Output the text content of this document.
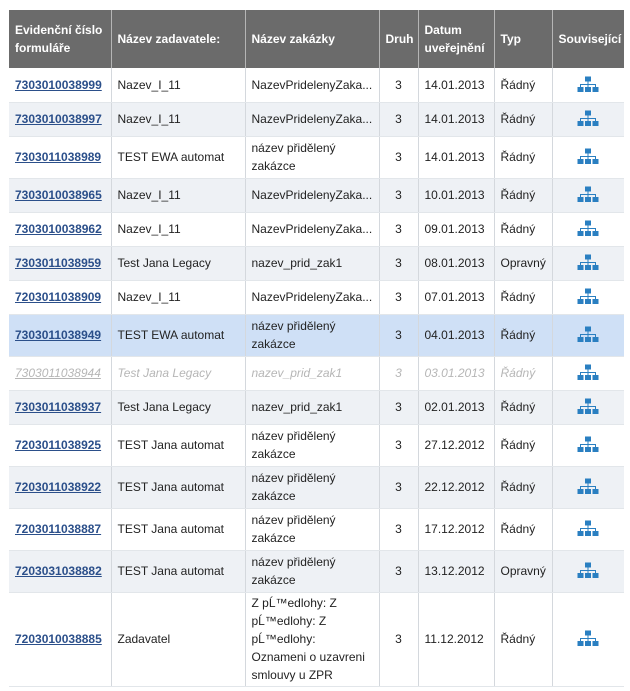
Evidenční číslo formuláře	Název zadavatele:	Název zakázky	Druh	Datum uveřejnění	Typ	Související
7303010038999	Nazev_I_11	NazevPridelenyZaka...	3	14.01.2013	Řádný	
7303010038997	Nazev_I_11	NazevPridelenyZaka...	3	14.01.2013	Řádný	
7303011038989	TEST EWA automat	název přidělený zakázce	3	14.01.2013	Řádný	
7303010038965	Nazev_I_11	NazevPridelenyZaka...	3	10.01.2013	Řádný	
7303010038962	Nazev_I_11	NazevPridelenyZaka...	3	09.01.2013	Řádný	
7303011038959	Test Jana Legacy	nazev_prid_zak1	3	08.01.2013	Opravný	
7203011038909	Nazev_I_11	NazevPridelenyZaka...	3	07.01.2013	Řádný	
7303011038949	TEST EWA automat	název přidělený zakázce	3	04.01.2013	Řádný	
7303011038944	Test Jana Legacy	nazev_prid_zak1	3	03.01.2013	Řádný	
7303011038937	Test Jana Legacy	nazev_prid_zak1	3	02.01.2013	Řádný	
7203011038925	TEST Jana automat	název přidělený zakázce	3	27.12.2012	Řádný	
7203011038922	TEST Jana automat	název přidělený zakázce	3	22.12.2012	Řádný	
7203011038887	TEST Jana automat	název přidělený zakázce	3	17.12.2012	Řádný	
7203031038882	TEST Jana automat	název přidělený zakázce	3	13.12.2012	Opravný	
7203010038885	Zadavatel	Z pĹ™edlohy: Z pĹ™edlohy: Z pĹ™edlohy: Oznameni o uzavreni smlouvy u ZPR	3	11.12.2012	Řádný	
